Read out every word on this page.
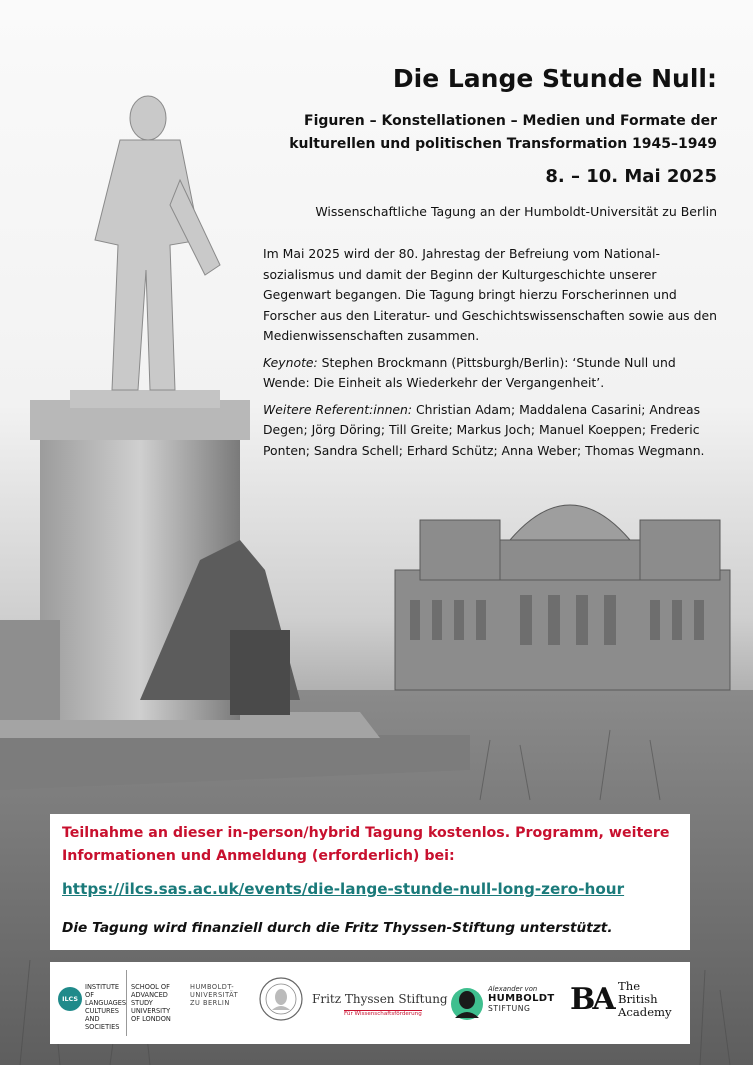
Die Lange Stunde Null:
Figuren – Konstellationen – Medien und Formate der
kulturellen und politischen Transformation 1945–1949
8. – 10. Mai 2025
Wissenschaftliche Tagung an der Humboldt-Universität zu Berlin

Im Mai 2025 wird der 80. Jahrestag der Befreiung vom Nationalsozialismus und damit der Beginn der Kulturgeschichte unserer Gegenwart begangen. Die Tagung bringt hierzu Forscherinnen und Forscher aus den Literatur- und Geschichtswissenschaften sowie aus den Medienwissenschaften zusammen.

Keynote: Stephen Brockmann (Pittsburgh/Berlin): ‘Stunde Null und Wende: Die Einheit als Wiederkehr der Vergangenheit’.

Weitere Referent:innen: Christian Adam; Maddalena Casarini; Andreas Degen; Jörg Döring; Till Greite; Markus Joch; Manuel Koeppen; Frederic Ponten; Sandra Schell; Erhard Schütz; Anna Weber; Thomas Wegmann.

Teilnahme an dieser in-person/hybrid Tagung kostenlos. Programm, weitere Informationen und Anmeldung (erforderlich) bei:

https://ilcs.sas.ac.uk/events/die-lange-stunde-null-long-zero-hour

Die Tagung wird finanziell durch die Fritz Thyssen-Stiftung unterstützt.

ILCS
INSTITUTE OF
LANGUAGES
CULTURES AND
SOCIETIES
SCHOOL OF
ADVANCED STUDY
UNIVERSITY
OF LONDON
HUMBOLDT-
UNIVERSITÄT
ZU BERLIN	Fritz Thyssen Stiftung
Für Wissenschaftsförderung
Alexander von
HUMBOLDT
STIFTUNG	BA The
British
Academy
